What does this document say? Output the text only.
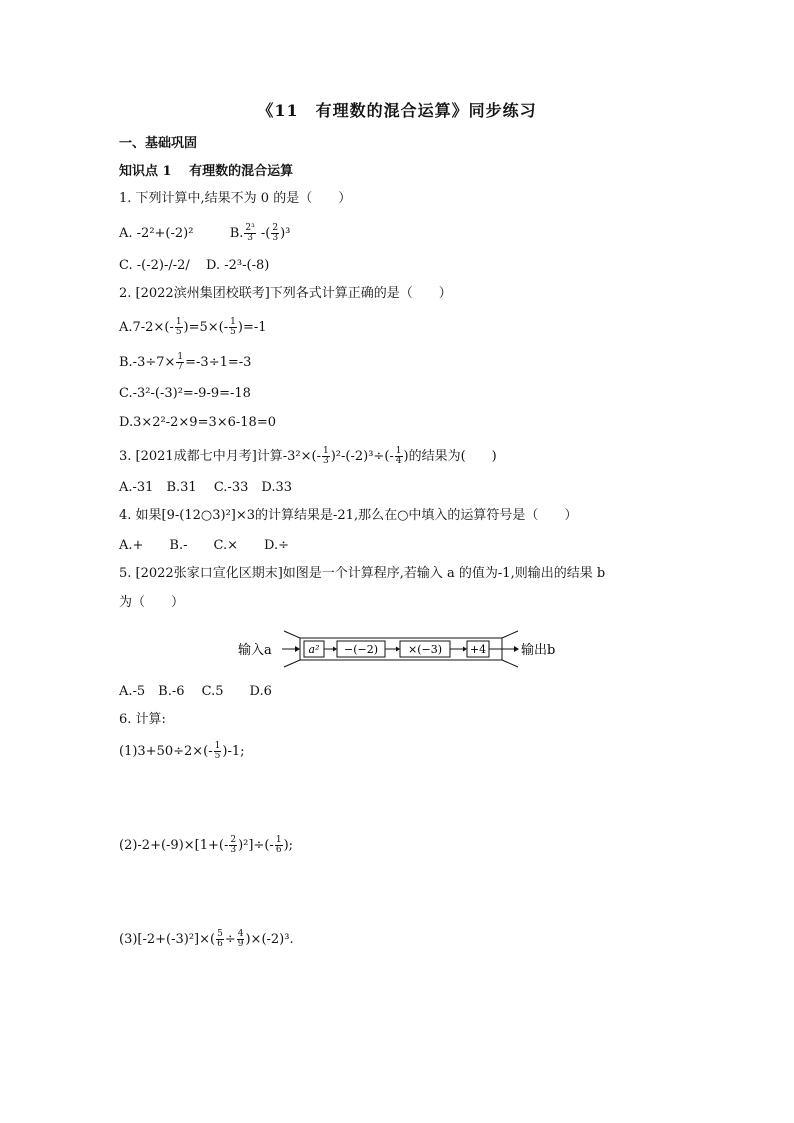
《11　有理数的混合运算》同步练习
一、基础巩固
知识点 1　 有理数的混合运算
1. 下列计算中,结果不为 0 的是（　　）
A. -2²+(-2)²	B. $\frac{\text{2³}}{3}$ -( $\frac{2}{3} )^3$
C. -(-2)-/-2/ D. -2³-(-8)
2. [2022滨州集团校联考]下列各式计算正确的是（　　）
$A.7-2\times(- \frac{1}{5} )=5\times(- \frac{1}{5} )=-1$
$B.-3\div 7\times \frac{1}{7} =-3\div 1=-3$
C.-3²-(-3)²=-9-9=-18
D.3×2²-2×9=3×6-18=0
3. [2021成都七中月考]计算$-3^2\times(- \frac{1}{3} )^2-(-2)^3\div(- \frac{1}{4}$ )的结果为(　　)
A.-31　B.31　 C.-33　D.33
4. 如果[9-(12○3)²]×3的计算结果是-21,那么在○中填入的运算符号是（　　）
A.+　　B.-　　C.×　　D.÷
5. [2022张家口宣化区期末]如图是一个计算程序,若输入 a 的值为-1,则输出的结果 b
为（　　）
输入a	a² −(−2)	×(−3)	+4	输出b
A.-5　B.-6　 C.5　　D.6
6. 计算:
$(1)3+50\div 2\times(- \frac{1}{5} )-1$;
$(2)-2+(-9)\times[1+(- \frac{2}{3} )^2]\div(- \frac{1}{6}$ );
$(3)[-2+(-3)^2]\times( \frac{5}{6} \div \frac{4}{9} )\times(-2)^3$.
